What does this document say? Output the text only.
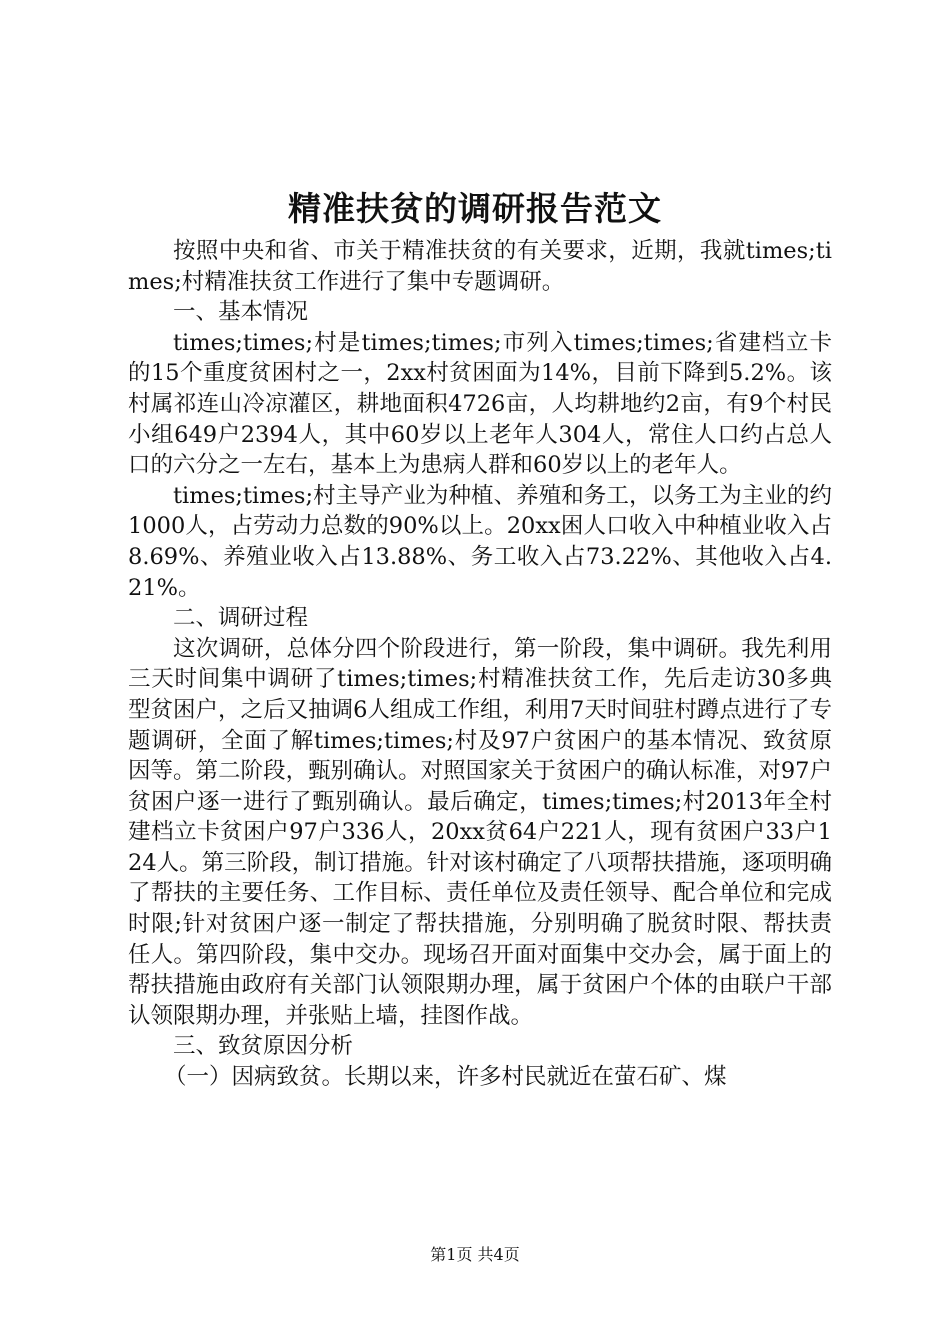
精准扶贫的调研报告范文

按照中央和省、市关于精准扶贫的有关要求，近期，我就times;times;村精准扶贫工作进行了集中专题调研。

一、基本情况

times;times;村是times;times;市列入times;times;省建档立卡的15个重度贫困村之一，2xx村贫困面为14%，目前下降到5.2%。该村属祁连山冷凉灌区，耕地面积4726亩，人均耕地约2亩，有9个村民小组649户2394人，其中60岁以上老年人304人，常住人口约占总人口的六分之一左右，基本上为患病人群和60岁以上的老年人。

times;times;村主导产业为种植、养殖和务工，以务工为主业的约1000人，占劳动力总数的90%以上。20xx困人口收入中种植业收入占8.69%、养殖业收入占13.88%、务工收入占73.22%、其他收入占4.21%。

二、调研过程

这次调研，总体分四个阶段进行，第一阶段，集中调研。我先利用三天时间集中调研了times;times;村精准扶贫工作，先后走访30多典型贫困户，之后又抽调6人组成工作组，利用7天时间驻村蹲点进行了专题调研，全面了解times;times;村及97户贫困户的基本情况、致贫原因等。第二阶段，甄别确认。对照国家关于贫困户的确认标准，对97户贫困户逐一进行了甄别确认。最后确定，times;times;村2013年全村建档立卡贫困户97户336人，20xx贫64户221人，现有贫困户33户124人。第三阶段，制订措施。针对该村确定了八项帮扶措施，逐项明确了帮扶的主要任务、工作目标、责任单位及责任领导、配合单位和完成时限;针对贫困户逐一制定了帮扶措施，分别明确了脱贫时限、帮扶责任人。第四阶段，集中交办。现场召开面对面集中交办会，属于面上的帮扶措施由政府有关部门认领限期办理，属于贫困户个体的由联户干部认领限期办理，并张贴上墙，挂图作战。

三、致贫原因分析

（一）因病致贫。长期以来，许多村民就近在萤石矿、煤

第1页 共4页
